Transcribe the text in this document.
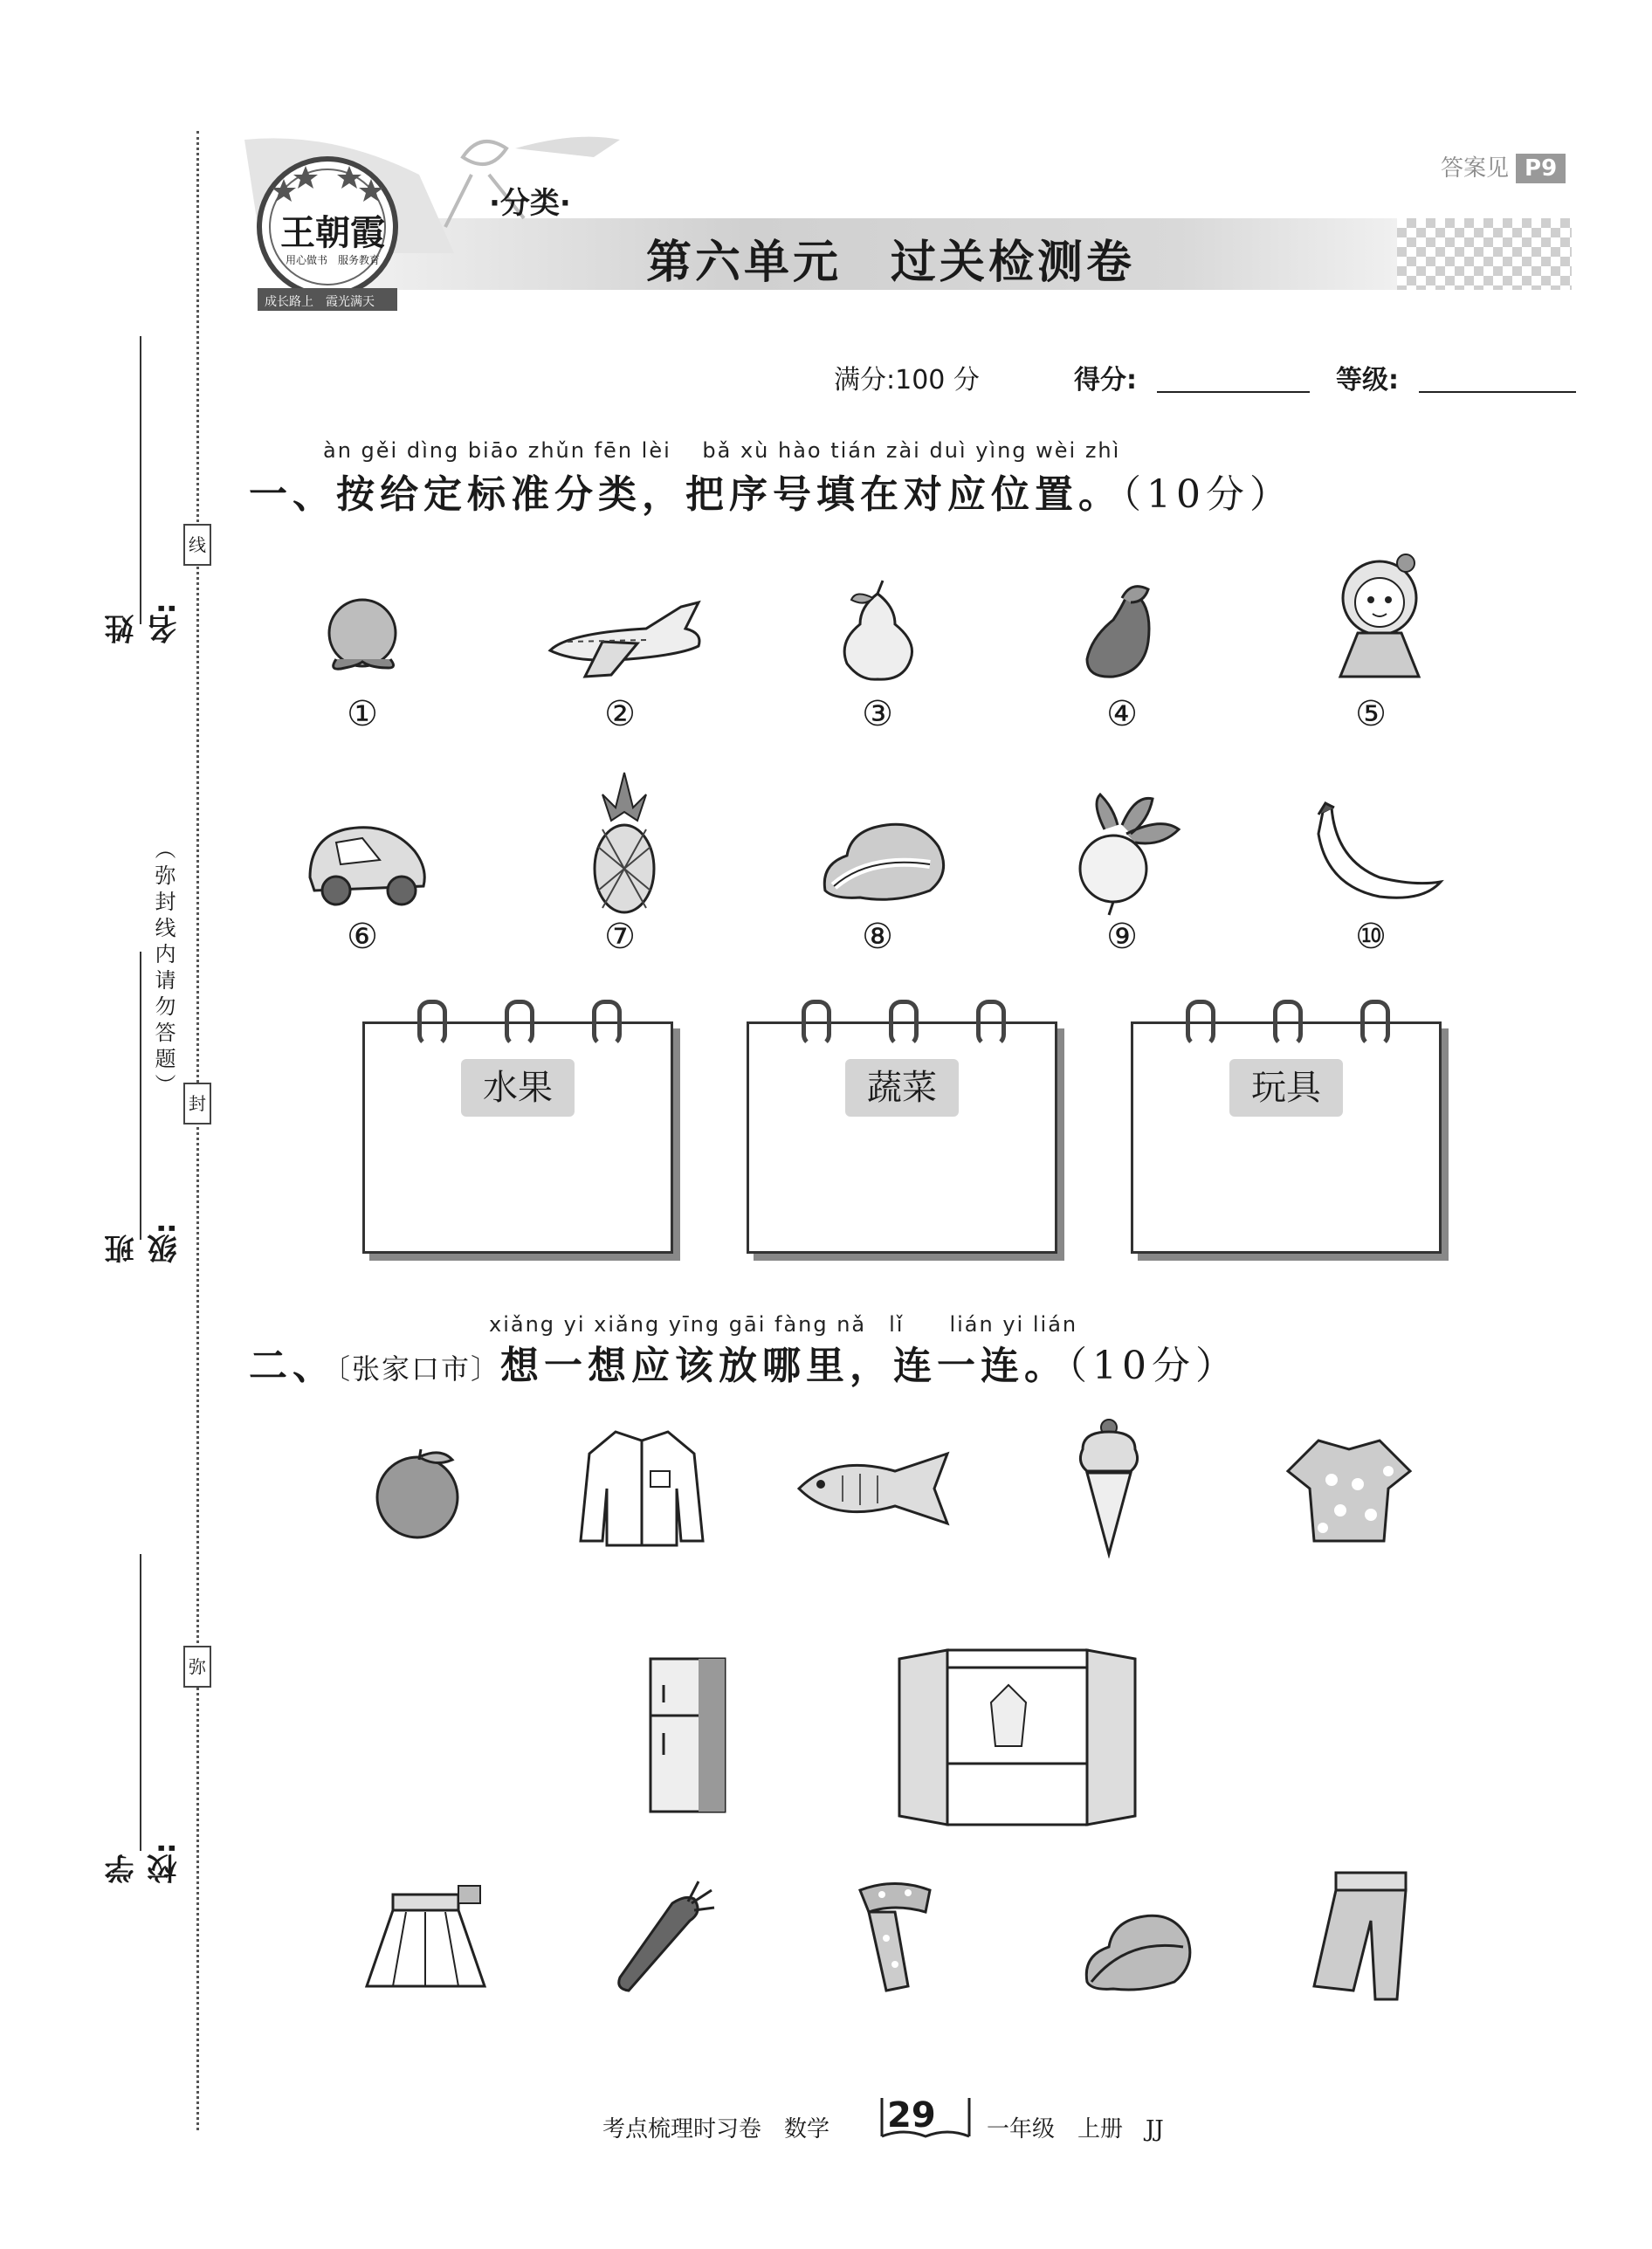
线
封
弥
（弥封线内请勿答题）
姓名:
班级:
学校:
答案见 P9
王朝霞
用心做书　服务教育
成长路上　霞光满天
·分类·
第六单元　过关检测卷
满分:100 分	得分:	等级:
àn gěi dìng biāo zhǔn fēn lèi　 bǎ xù hào tián zài duì yìng wèi zhì
一、按给定标准分类，把序号填在对应位置。（10分）
①	②	③	④	⑤
⑥	⑦	⑧	⑨	⑩
水果	蔬菜	玩具
xiǎng yi xiǎng yīng gāi fàng nǎ　lǐ　　lián yi lián
二、〔张家口市〕想一想应该放哪里，连一连。（10分）
考点梳理时习卷　数学 29 一年级　上册　JJ
